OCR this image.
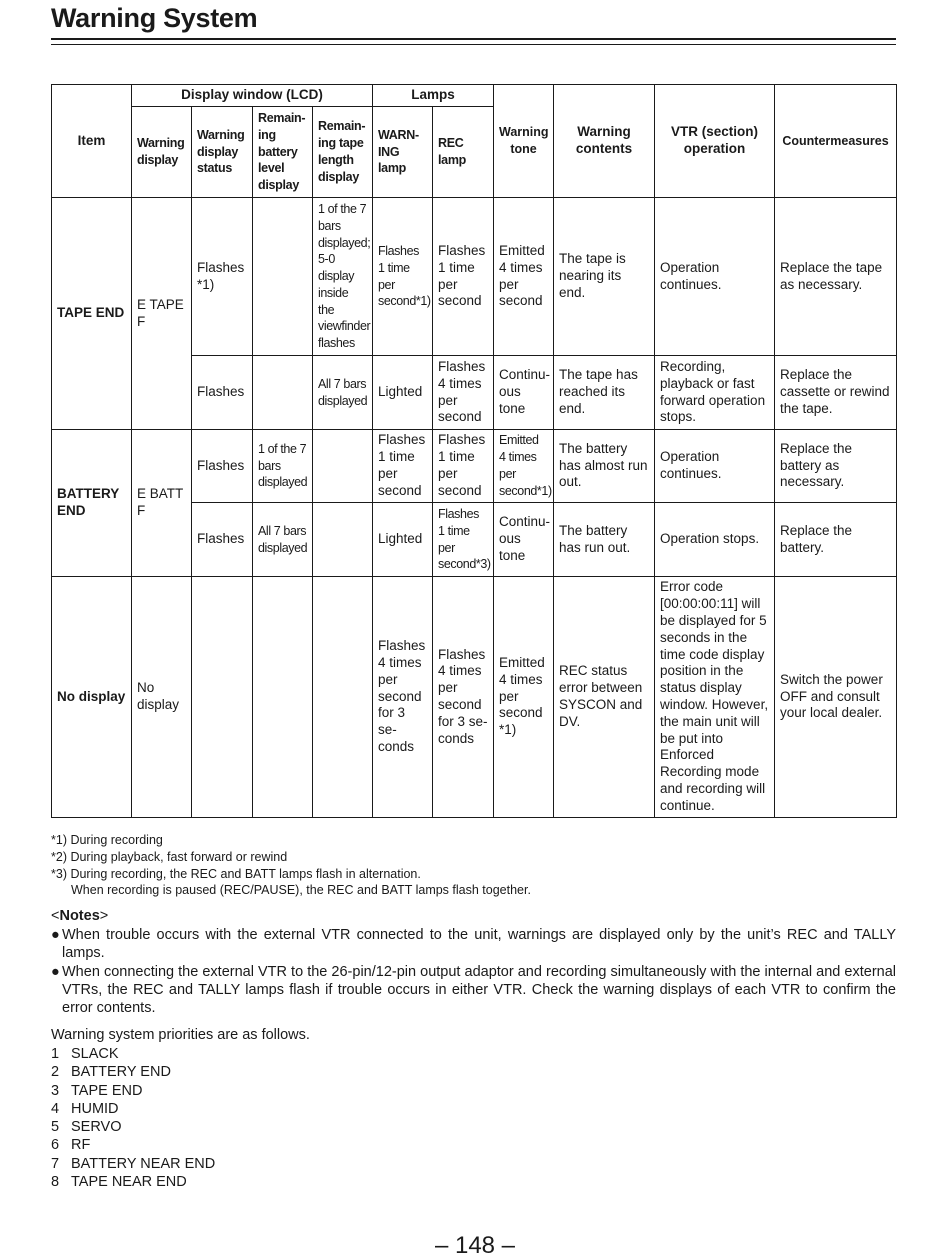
Warning System
Item	Display window (LCD)				Lamps		Warning tone	Warning contents	VTR (section) operation	Countermeasures
	Warning display	Warning display status	Remain-ing battery level display	Remain-ing tape length display	WARN-ING lamp	REC lamp				
TAPE END	E TAPE F	Flashes *1)		1 of the 7 bars displayed; 5-0 display inside the viewfinder flashes	Flashes 1 time per second*1)	Flashes 1 time per second	Emitted 4 times per second	The tape is nearing its end.	Operation continues.	Replace the tape as necessary.
		Flashes		All 7 bars displayed	Lighted	Flashes 4 times per second	Continu-ous tone	The tape has reached its end.	Recording, playback or fast forward operation stops.	Replace the cassette or rewind the tape.
BATTERY END	E BATT F	Flashes	1 of the 7 bars displayed		Flashes 1 time per second	Flashes 1 time per second	Emitted 4 times per second*1)	The battery has almost run out.	Operation continues.	Replace the battery as necessary.
		Flashes	All 7 bars displayed		Lighted	Flashes 1 time per second*3)	Continu-ous tone	The battery has run out.	Operation stops.	Replace the battery.
No display	No display				Flashes 4 times per second for 3 se-conds	Flashes 4 times per second for 3 se-conds	Emitted 4 times per second *1)	REC status error between SYSCON and DV.	Error code [00:00:00:11] will be displayed for 5 seconds in the time code display position in the status display window. However, the main unit will be put into Enforced Recording mode and recording will continue.	Switch the power OFF and consult your local dealer.
*1) During recording
*2) During playback, fast forward or rewind
*3) During recording, the REC and BATT lamps flash in alternation.
When recording is paused (REC/PAUSE), the REC and BATT lamps flash together.
<Notes>
● When trouble occurs with the external VTR connected to the unit, warnings are displayed only by the unit’s REC and TALLY lamps.
● When connecting the external VTR to the 26-pin/12-pin output adaptor and recording simultaneously with the internal and external VTRs, the REC and TALLY lamps flash if trouble occurs in either VTR. Check the warning displays of each VTR to confirm the error contents.
Warning system priorities are as follows.
1 SLACK
2 BATTERY END
3 TAPE END
4 HUMID
5 SERVO
6 RF
7 BATTERY NEAR END
8 TAPE NEAR END
– 148 –
